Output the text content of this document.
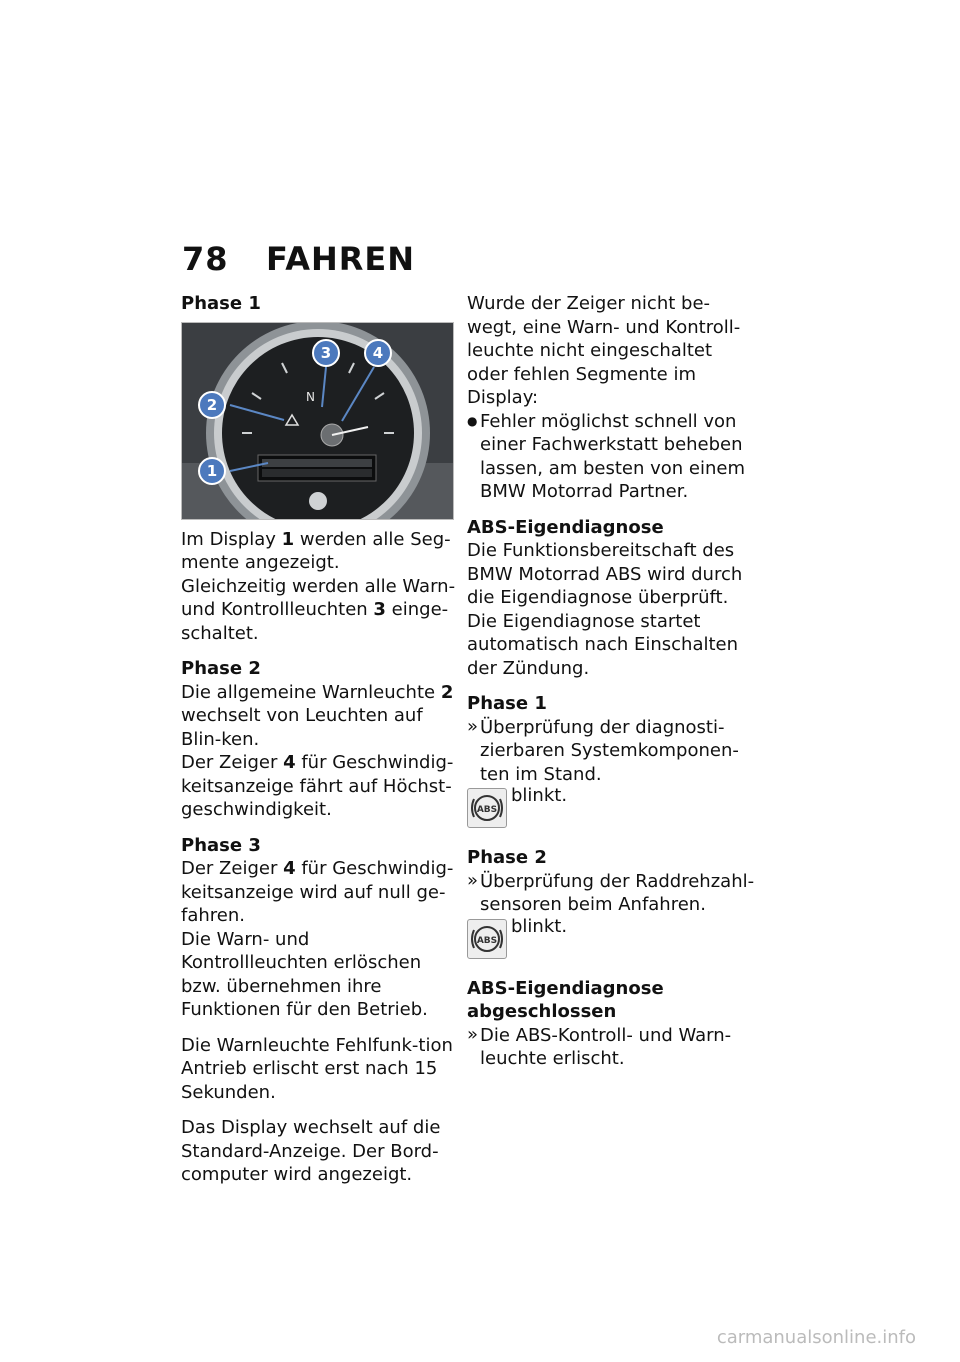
78 FAHREN

Phase 1

N
1
2
3	4

Im Display 1 werden alle Seg-mente angezeigt.

Gleichzeitig werden alle Warn- und Kontrollleuchten 3 einge-schaltet.

Phase 2

Die allgemeine Warnleuchte 2 wechselt von Leuchten auf Blin-ken.

Der Zeiger 4 für Geschwindig-keitsanzeige fährt auf Höchst-geschwindigkeit.

Phase 3

Der Zeiger 4 für Geschwindig-keitsanzeige wird auf null ge-fahren.

Die Warn- und Kontrollleuchten erlöschen bzw. übernehmen ihre Funktionen für den Betrieb.

Die Warnleuchte Fehlfunk-tion Antrieb erlischt erst nach 15 Sekunden.

Das Display wechselt auf die Standard-Anzeige. Der Bord-computer wird angezeigt.

Wurde der Zeiger nicht be-wegt, eine Warn- und Kontroll-leuchte nicht eingeschaltet oder fehlen Segmente im Display:

● Fehler möglichst schnell von einer Fachwerkstatt beheben lassen, am besten von einem BMW Motorrad Partner.

ABS-Eigendiagnose

Die Funktionsbereitschaft des BMW Motorrad ABS wird durch die Eigendiagnose überprüft. Die Eigendiagnose startet automatisch nach Einschalten der Zündung.

Phase 1

» Überprüfung der diagnosti-zierbaren Systemkomponen-ten im Stand.
ABS
blinkt.

Phase 2

» Überprüfung der Raddrehzahl-sensoren beim Anfahren.
ABS
blinkt.

ABS-Eigendiagnose
abgeschlossen

» Die ABS-Kontroll- und Warn-leuchte erlischt.
carmanualsonline.info
